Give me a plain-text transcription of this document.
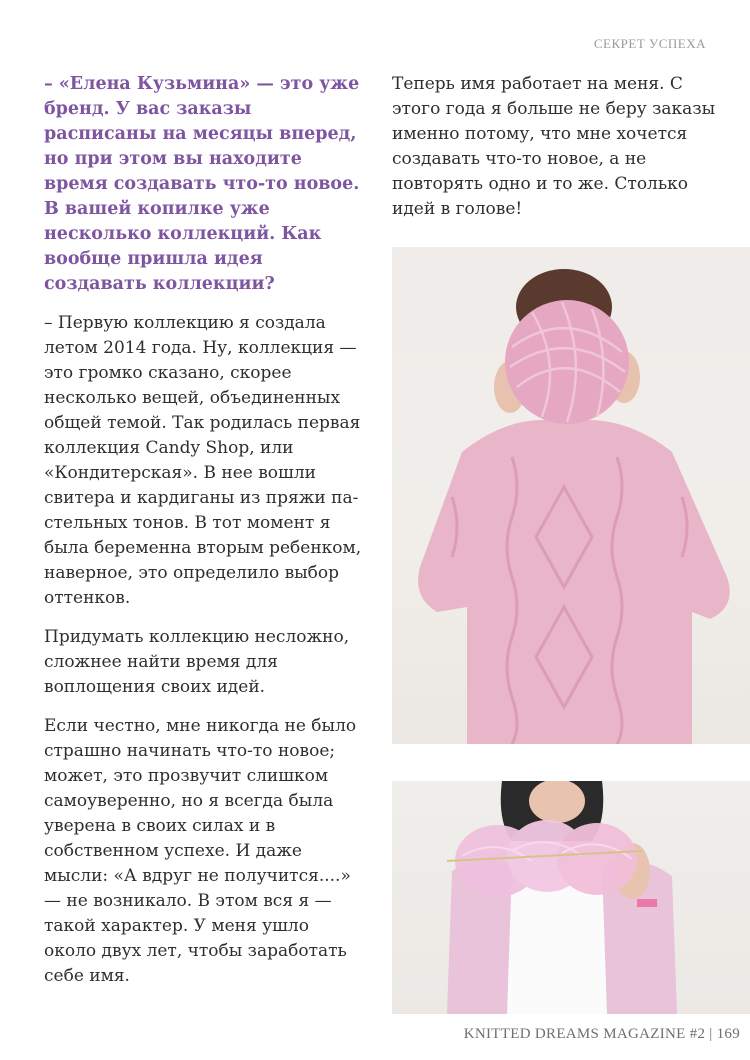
СЕКРЕТ УСПЕХА

– «Елена Кузьмина» — это уже бренд. У вас заказы расписаны на месяцы вперед, но при этом вы находите время создавать что-то новое. В вашей копилке уже несколько коллекций. Как вообще пришла идея создавать коллекции?

– Первую коллекцию я создала летом 2014 года. Ну, коллекция — это громко сказано, скорее несколько вещей, объединенных общей темой. Так родилась первая коллекция Candy Shop, или «Кондитерская». В нее вошли свитера и кардиганы из пряжи пастельных тонов. В тот момент я была беременна вторым ребенком, наверное, это определило выбор оттенков.

Придумать коллекцию несложно, сложнее найти время для воплощения своих идей.

Если честно, мне никогда не было страшно начинать что-то новое; может, это прозвучит слишком самоуверенно, но я всегда была уверена в своих силах и в собственном успехе. И даже мысли: «А вдруг не получится....» — не возникало. В этом вся я — такой характер. У меня ушло около двух лет, чтобы заработать себе имя.

Теперь имя работает на меня. С этого года я больше не беру заказы именно потому, что мне хочется создавать что-то новое, а не повторять одно и то же. Столько идей в голове!

KNITTED DREAMS MAGAZINE #2 | 169
